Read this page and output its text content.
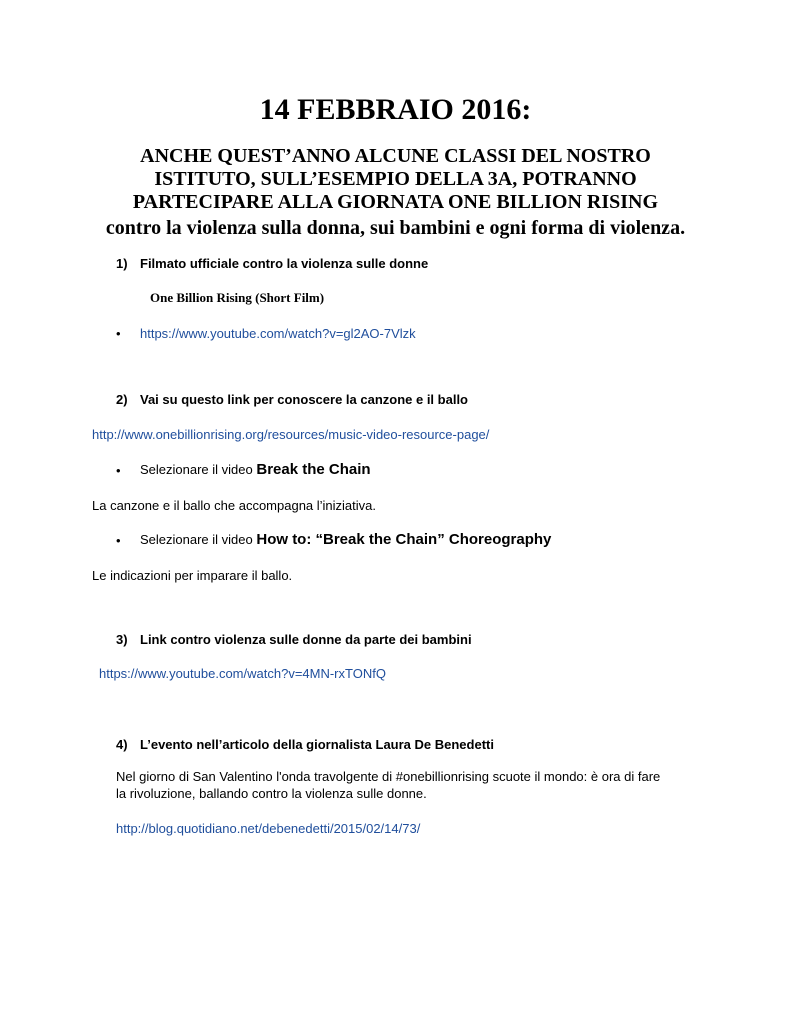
14 FEBBRAIO 2016:
ANCHE QUEST’ANNO ALCUNE CLASSI DEL NOSTRO
ISTITUTO, SULL’ESEMPIO DELLA 3A, POTRANNO
PARTECIPARE ALLA GIORNATA ONE BILLION RISING
contro la violenza sulla donna, sui bambini e ogni forma di violenza.
1) Filmato ufficiale contro la violenza sulle donne
One Billion Rising (Short Film)
• https://www.youtube.com/watch?v=gl2AO-7Vlzk
2) Vai su questo link per conoscere la canzone e il ballo
http://www.onebillionrising.org/resources/music-video-resource-page/
• Selezionare il video Break the Chain
La canzone e il ballo che accompagna l’iniziativa.
• Selezionare il video How to: “Break the Chain” Choreography
Le indicazioni per imparare il ballo.
3) Link contro violenza sulle donne da parte dei bambini
https://www.youtube.com/watch?v=4MN-rxTONfQ
4) L’evento nell’articolo della giornalista Laura De Benedetti
Nel giorno di San Valentino l'onda travolgente di #onebillionrising scuote il mondo: è ora di fare
la rivoluzione, ballando contro la violenza sulle donne.
http://blog.quotidiano.net/debenedetti/2015/02/14/73/
